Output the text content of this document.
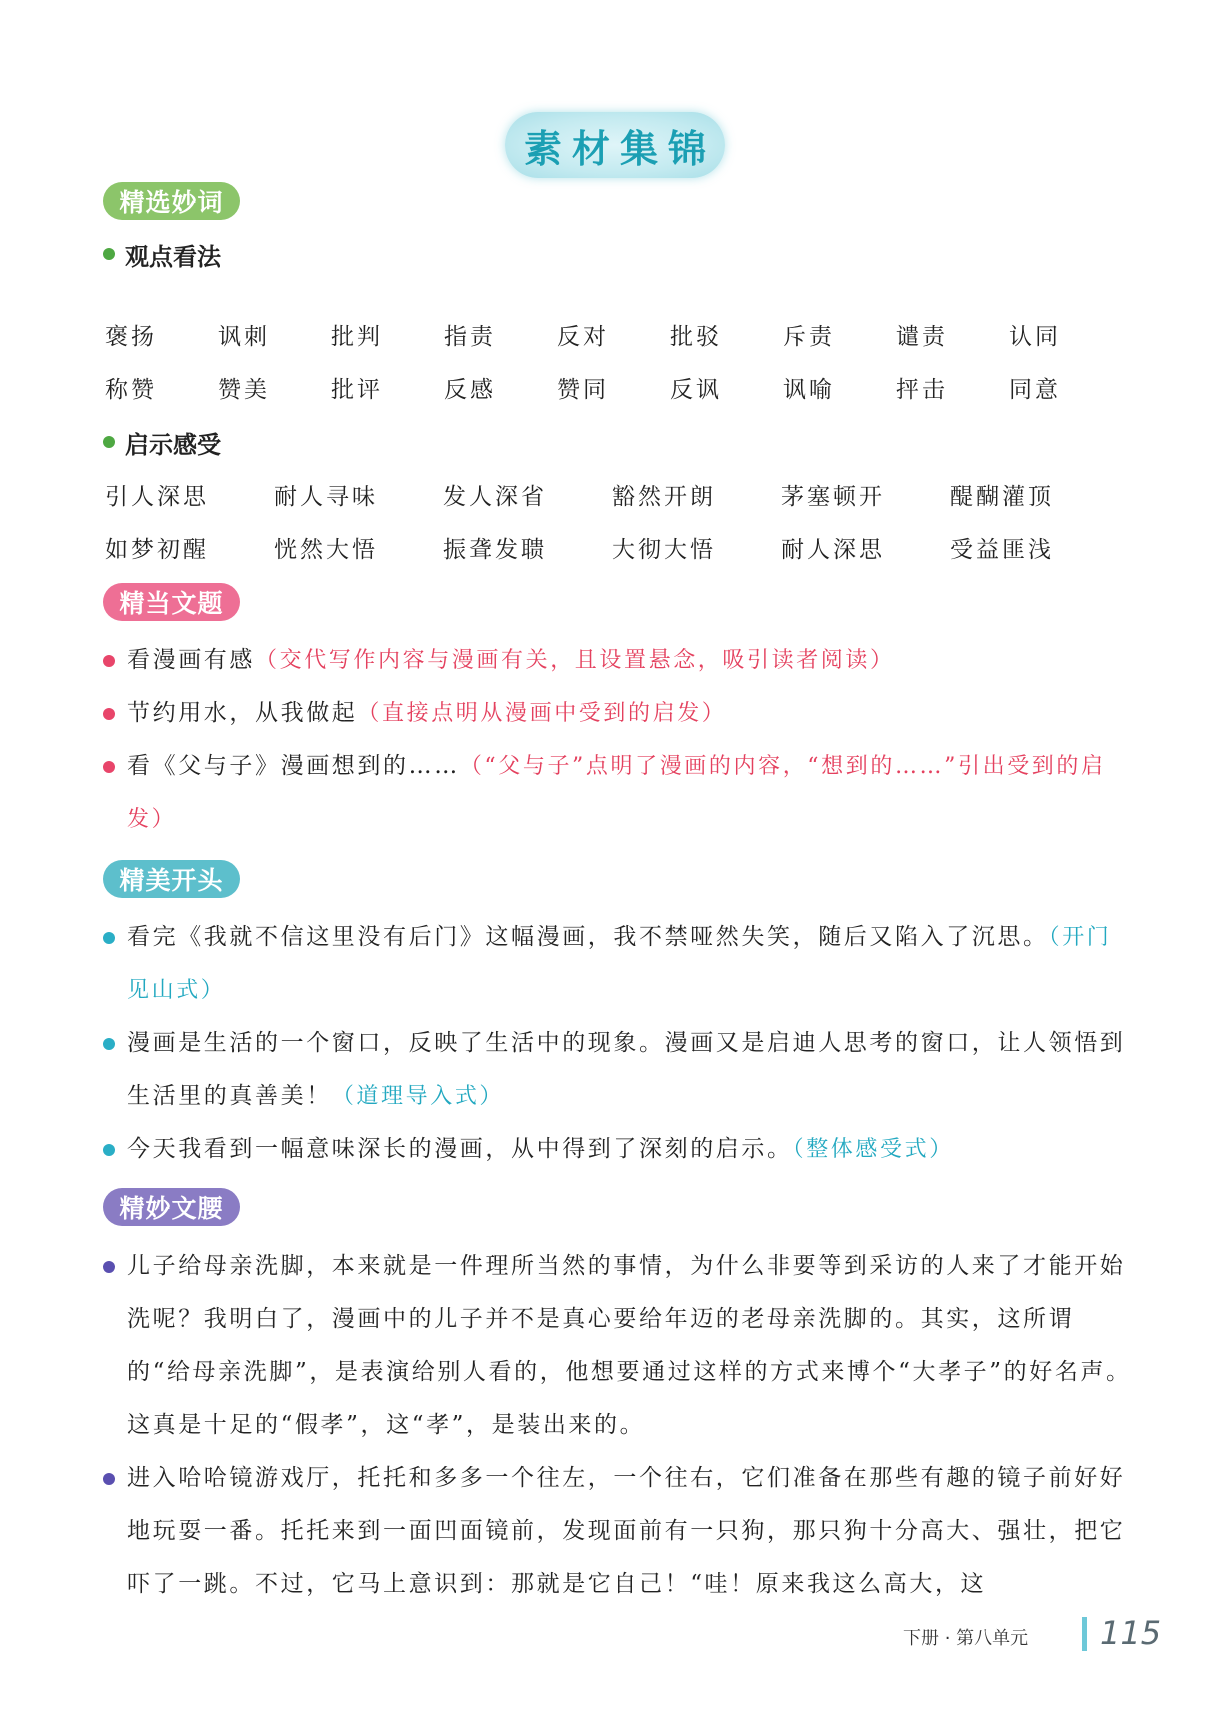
素材集锦
精选妙词
观点看法
褒扬	讽刺	批判	指责	反对	批驳	斥责	谴责	认同
称赞	赞美	批评	反感	赞同	反讽	讽喻	抨击	同意
启示感受
引人深思	耐人寻味	发人深省	豁然开朗	茅塞顿开	醍醐灌顶
如梦初醒	恍然大悟	振聋发聩	大彻大悟	耐人深思	受益匪浅
精当文题
看漫画有感（交代写作内容与漫画有关，且设置悬念，吸引读者阅读）
节约用水，从我做起（直接点明从漫画中受到的启发）
看《父与子》漫画想到的……（“父与子”点明了漫画的内容，“想到的……”引出受到的启发）
精美开头
看完《我就不信这里没有后门》这幅漫画，我不禁哑然失笑，随后又陷入了沉思。（开门见山式）
漫画是生活的一个窗口，反映了生活中的现象。漫画又是启迪人思考的窗口，让人领悟到生活里的真善美！（道理导入式）
今天我看到一幅意味深长的漫画，从中得到了深刻的启示。（整体感受式）
精妙文腰
儿子给母亲洗脚，本来就是一件理所当然的事情，为什么非要等到采访的人来了才能开始洗呢？我明白了，漫画中的儿子并不是真心要给年迈的老母亲洗脚的。其实，这所谓的“给母亲洗脚”，是表演给别人看的，他想要通过这样的方式来博个“大孝子”的好名声。这真是十足的“假孝”，这“孝”，是装出来的。
进入哈哈镜游戏厅，托托和多多一个往左，一个往右，它们准备在那些有趣的镜子前好好地玩耍一番。托托来到一面凹面镜前，发现面前有一只狗，那只狗十分高大、强壮，把它吓了一跳。不过，它马上意识到：那就是它自己！“哇！原来我这么高大，这
下册 · 第八单元 115
